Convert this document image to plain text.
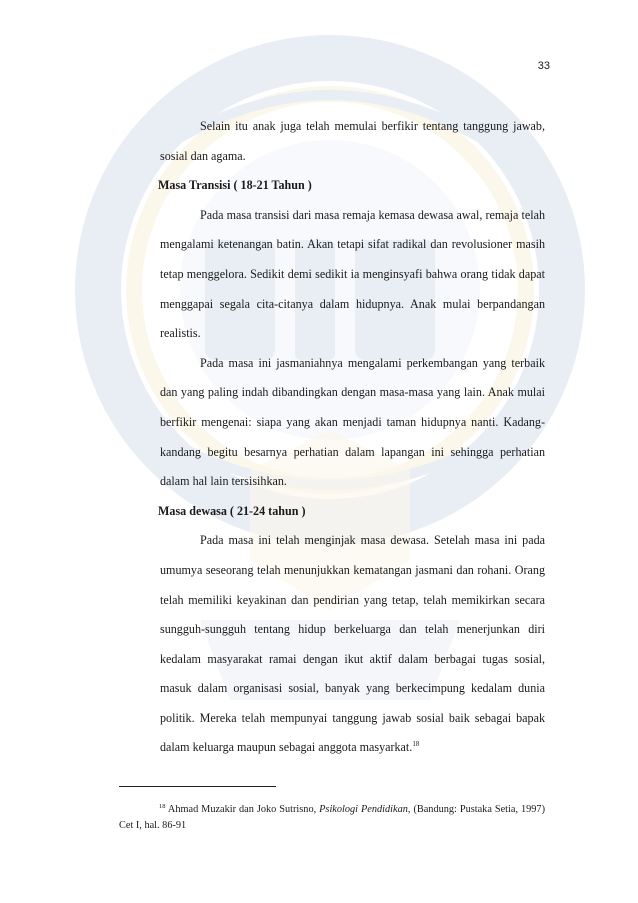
33

Selain itu anak juga telah memulai berfikir tentang tanggung jawab, sosial dan agama.

Masa Transisi ( 18-21 Tahun )

Pada masa transisi dari masa remaja kemasa dewasa awal, remaja telah mengalami ketenangan batin. Akan tetapi sifat radikal dan revolusioner masih tetap menggelora. Sedikit demi sedikit ia menginsyafi bahwa orang tidak dapat menggapai segala cita-citanya dalam hidupnya. Anak mulai berpandangan realistis.

Pada masa ini jasmaniahnya mengalami perkembangan yang terbaik dan yang paling indah dibandingkan dengan masa-masa yang lain. Anak mulai berfikir mengenai: siapa yang akan menjadi taman hidupnya nanti. Kadang-kandang begitu besarnya perhatian dalam lapangan ini sehingga perhatian dalam hal lain tersisihkan.

Masa dewasa ( 21-24 tahun )

Pada masa ini telah menginjak masa dewasa. Setelah masa ini pada umumya seseorang telah menunjukkan kematangan jasmani dan rohani. Orang telah memiliki keyakinan dan pendirian yang tetap, telah memikirkan secara sungguh-sungguh tentang hidup berkeluarga dan telah menerjunkan diri kedalam masyarakat ramai dengan ikut aktif dalam berbagai tugas sosial, masuk dalam organisasi sosial, banyak yang berkecimpung kedalam dunia politik. Mereka telah mempunyai tanggung jawab sosial baik sebagai bapak dalam keluarga maupun sebagai anggota masyarkat.$^{18}$

$^{18}$ Ahmad Muzakir dan Joko Sutrisno, Psikologi Pendidikan, (Bandung: Pustaka Setia, 1997) Cet I, hal. 86-91
